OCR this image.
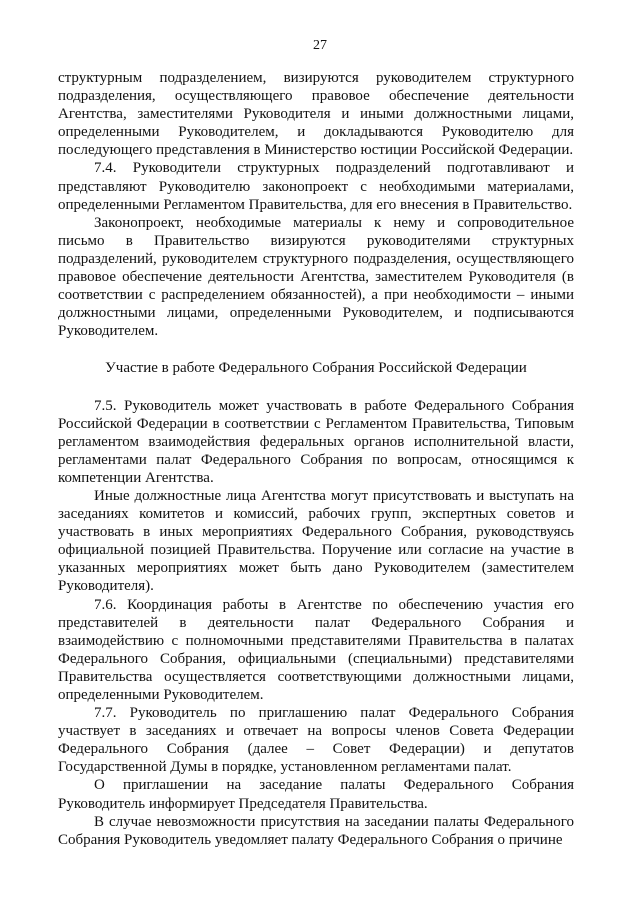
27

структурным подразделением, визируются руководителем структурного подразделения, осуществляющего правовое обеспечение деятельности Агентства, заместителями Руководителя и иными должностными лицами, определенными Руководителем, и докладываются Руководителю для последующего представления в Министерство юстиции Российской Федерации.

7.4. Руководители структурных подразделений подготавливают и представляют Руководителю законопроект с необходимыми материалами, определенными Регламентом Правительства, для его внесения в Правительство.

Законопроект, необходимые материалы к нему и сопроводительное письмо в Правительство визируются руководителями структурных подразделений, руководителем структурного подразделения, осуществляющего правовое обеспечение деятельности Агентства, заместителем Руководителя (в соответствии с распределением обязанностей), а при необходимости – иными должностными лицами, определенными Руководителем, и подписываются Руководителем.

Участие в работе Федерального Собрания Российской Федерации

7.5. Руководитель может участвовать в работе Федерального Собрания Российской Федерации в соответствии с Регламентом Правительства, Типовым регламентом взаимодействия федеральных органов исполнительной власти, регламентами палат Федерального Собрания по вопросам, относящимся к компетенции Агентства.

Иные должностные лица Агентства могут присутствовать и выступать на заседаниях комитетов и комиссий, рабочих групп, экспертных советов и участвовать в иных мероприятиях Федерального Собрания, руководствуясь официальной позицией Правительства. Поручение или согласие на участие в указанных мероприятиях может быть дано Руководителем (заместителем Руководителя).

7.6. Координация работы в Агентстве по обеспечению участия его представителей в деятельности палат Федерального Собрания и взаимодействию с полномочными представителями Правительства в палатах Федерального Собрания, официальными (специальными) представителями Правительства осуществляется соответствующими должностными лицами, определенными Руководителем.

7.7. Руководитель по приглашению палат Федерального Собрания участвует в заседаниях и отвечает на вопросы членов Совета Федерации Федерального Собрания (далее – Совет Федерации) и депутатов Государственной Думы в порядке, установленном регламентами палат.

О приглашении на заседание палаты Федерального Собрания Руководитель информирует Председателя Правительства.

В случае невозможности присутствия на заседании палаты Федерального Собрания Руководитель уведомляет палату Федерального Собрания о причине
